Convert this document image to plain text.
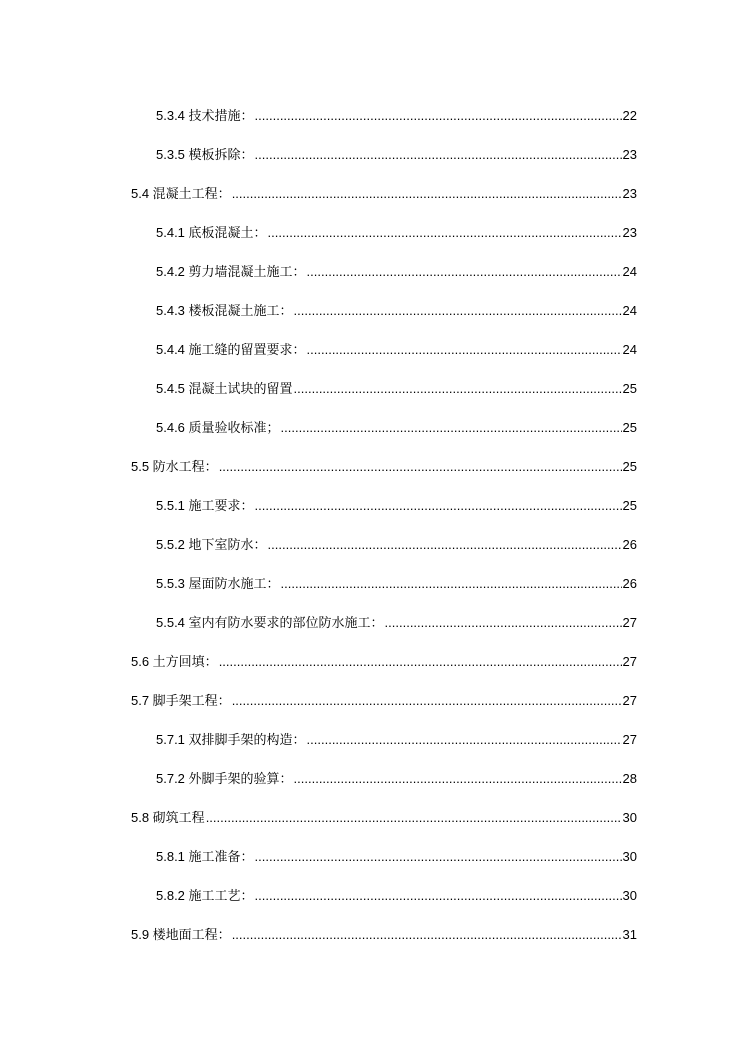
5.3.4 技术措施： .....	22
5.3.5 模板拆除： .....	23
5.4 混凝土工程： .....	23
5.4.1 底板混凝土： .....	23
5.4.2 剪力墙混凝土施工： .....	24
5.4.3 楼板混凝土施工： .....	24
5.4.4 施工缝的留置要求： .....	24
5.4.5 混凝土试块的留置 .....	25
5.4.6 质量验收标准； .....	25
5.5 防水工程： .....	25
5.5.1 施工要求： .....	25
5.5.2 地下室防水： .....	26
5.5.3 屋面防水施工： .....	26
5.5.4 室内有防水要求的部位防水施工： .....	27
5.6 土方回填： .....	27
5.7 脚手架工程： .....	27
5.7.1 双排脚手架的构造： .....	27
5.7.2 外脚手架的验算： .....	28
5.8 砌筑工程 .....	30
5.8.1 施工准备： .....	30
5.8.2 施工工艺： .....	30
5.9 楼地面工程： .....	31
